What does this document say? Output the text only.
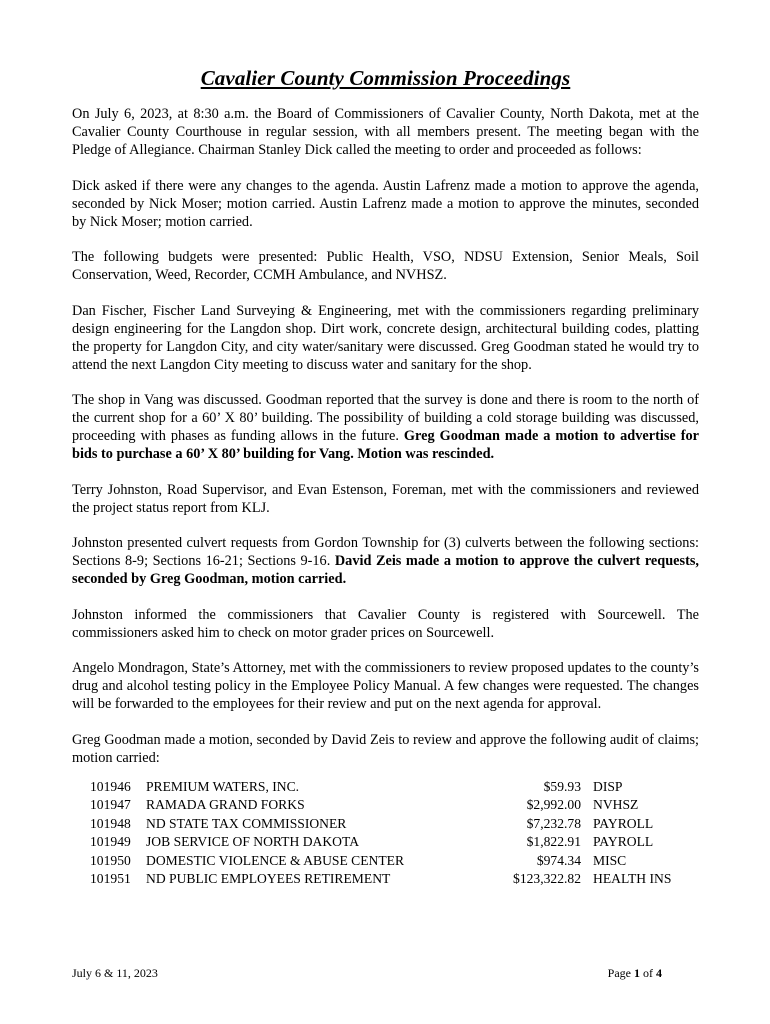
Cavalier County Commission Proceedings

On July 6, 2023, at 8:30 a.m. the Board of Commissioners of Cavalier County, North Dakota, met at the Cavalier County Courthouse in regular session, with all members present. The meeting began with the Pledge of Allegiance. Chairman Stanley Dick called the meeting to order and proceeded as follows:

Dick asked if there were any changes to the agenda. Austin Lafrenz made a motion to approve the agenda, seconded by Nick Moser; motion carried. Austin Lafrenz made a motion to approve the minutes, seconded by Nick Moser; motion carried.

The following budgets were presented: Public Health, VSO, NDSU Extension, Senior Meals, Soil Conservation, Weed, Recorder, CCMH Ambulance, and NVHSZ.

Dan Fischer, Fischer Land Surveying & Engineering, met with the commissioners regarding preliminary design engineering for the Langdon shop. Dirt work, concrete design, architectural building codes, platting the property for Langdon City, and city water/sanitary were discussed. Greg Goodman stated he would try to attend the next Langdon City meeting to discuss water and sanitary for the shop.

The shop in Vang was discussed. Goodman reported that the survey is done and there is room to the north of the current shop for a 60’ X 80’ building. The possibility of building a cold storage building was discussed, proceeding with phases as funding allows in the future. Greg Goodman made a motion to advertise for bids to purchase a 60’ X 80’ building for Vang. Motion was rescinded.

Terry Johnston, Road Supervisor, and Evan Estenson, Foreman, met with the commissioners and reviewed the project status report from KLJ.

Johnston presented culvert requests from Gordon Township for (3) culverts between the following sections: Sections 8-9; Sections 16-21; Sections 9-16. David Zeis made a motion to approve the culvert requests, seconded by Greg Goodman, motion carried.

Johnston informed the commissioners that Cavalier County is registered with Sourcewell. The commissioners asked him to check on motor grader prices on Sourcewell.

Angelo Mondragon, State’s Attorney, met with the commissioners to review proposed updates to the county’s drug and alcohol testing policy in the Employee Policy Manual. A few changes were requested. The changes will be forwarded to the employees for their review and put on the next agenda for approval.

Greg Goodman made a motion, seconded by David Zeis to review and approve the following audit of claims; motion carried:

101946	PREMIUM WATERS, INC.	$59.93	DISP
101947	RAMADA GRAND FORKS	$2,992.00	NVHSZ
101948	ND STATE TAX COMMISSIONER	$7,232.78	PAYROLL
101949	JOB SERVICE OF NORTH DAKOTA	$1,822.91	PAYROLL
101950	DOMESTIC VIOLENCE & ABUSE CENTER	$974.34	MISC
101951	ND PUBLIC EMPLOYEES RETIREMENT	$123,322.82	HEALTH INS
July 6 & 11, 2023	Page 1 of 4
